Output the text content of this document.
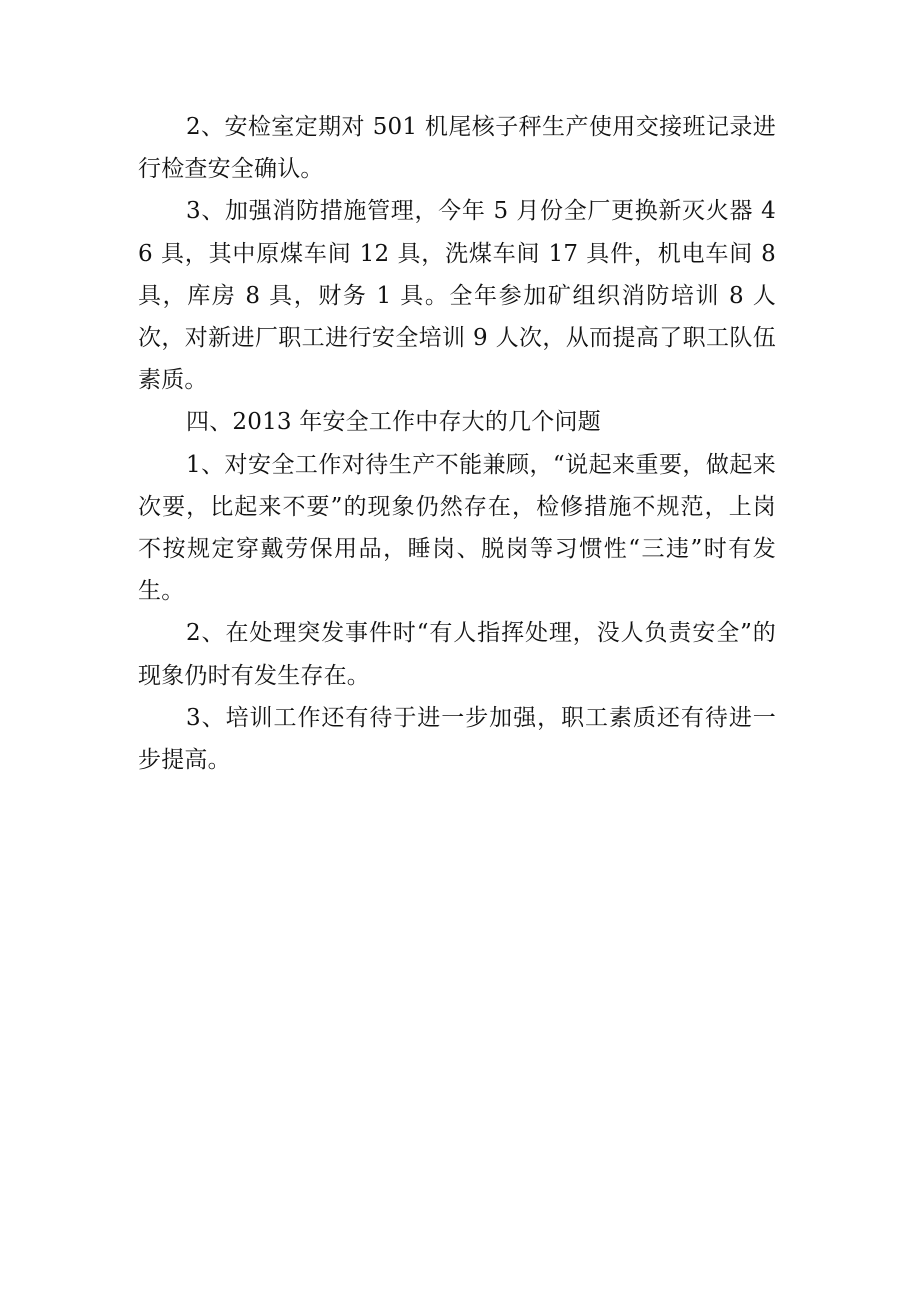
2、安检室定期对 501 机尾核子秤生产使用交接班记录进行检查安全确认。

3、加强消防措施管理，今年 5 月份全厂更换新灭火器 46 具，其中原煤车间 12 具，洗煤车间 17 具件，机电车间 8 具，库房 8 具，财务 1 具。全年参加矿组织消防培训 8 人次，对新进厂职工进行安全培训 9 人次，从而提高了职工队伍素质。

四、2013 年安全工作中存大的几个问题

1、对安全工作对待生产不能兼顾，“说起来重要，做起来次要，比起来不要”的现象仍然存在，检修措施不规范，上岗不按规定穿戴劳保用品，睡岗、脱岗等习惯性“三违”时有发生。

2、在处理突发事件时“有人指挥处理，没人负责安全”的现象仍时有发生存在。

3、培训工作还有待于进一步加强，职工素质还有待进一步提高。
